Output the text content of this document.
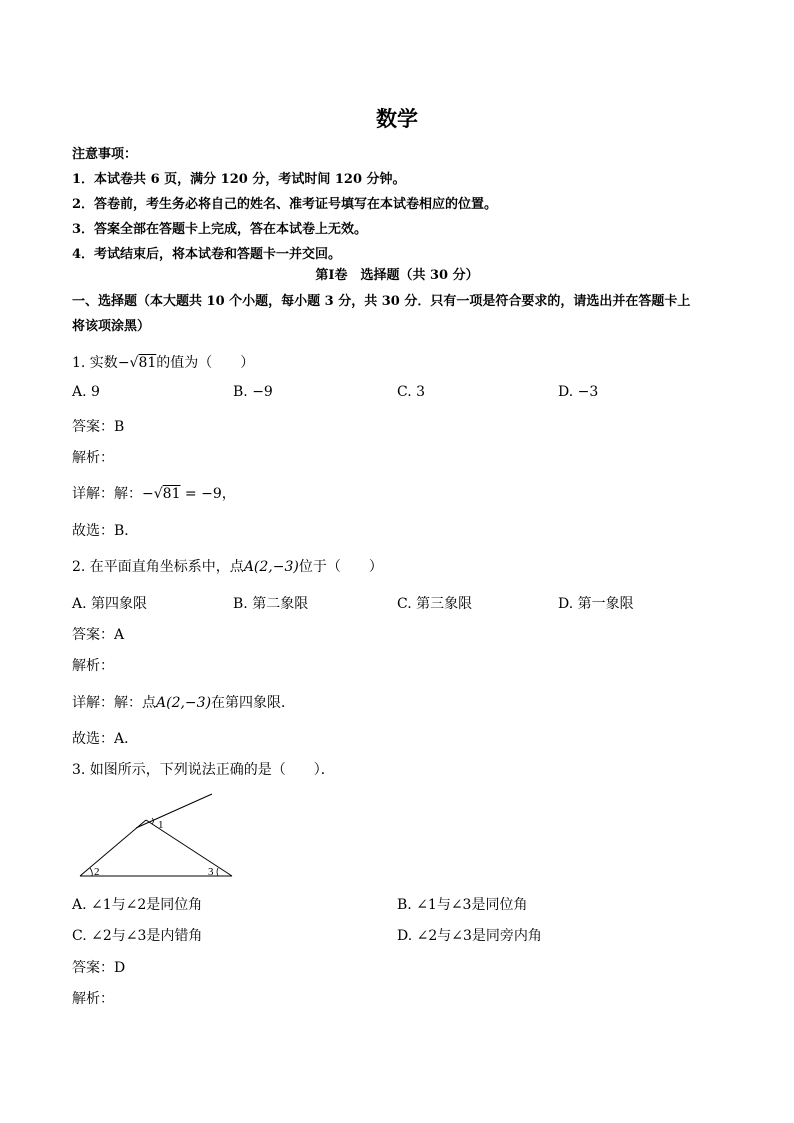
数学
注意事项：
1．本试卷共 6 页，满分 120 分，考试时间 120 分钟。
2．答卷前，考生务必将自己的姓名、准考证号填写在本试卷相应的位置。
3．答案全部在答题卡上完成，答在本试卷上无效。
4．考试结束后，将本试卷和答题卡一并交回。
第Ⅰ卷　选择题（共 30 分）
一、选择题（本大题共 10 个小题，每小题 3 分，共 30 分．只有一项是符合要求的，请选出并在答题卡上
将该项涂黑）
1. 实数−√81的值为（　　）
A. 9	B. −9	C. 3	D. −3
答案：B
解析：
详解：解：−√81 = −9，
故选：B．
2. 在平面直角坐标系中，点A(2,−3)位于（　　）
A. 第四象限	B. 第二象限	C. 第三象限	D. 第一象限
答案：A
解析：
详解：解：点A(2,−3)在第四象限．
故选：A．
3. 如图所示，下列说法正确的是（　　）．
1
2	3
A. ∠1与∠2是同位角	B. ∠1与∠3是同位角
C. ∠2与∠3是内错角	D. ∠2与∠3是同旁内角
答案：D
解析：
